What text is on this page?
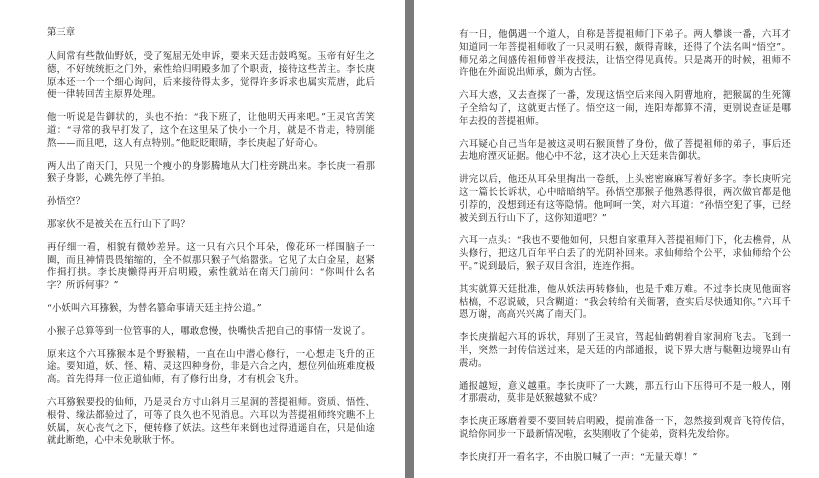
第三章

人间常有些散仙野妖，受了冤屈无处申诉，要来天廷击鼓鸣冤。玉帝有好生之德，不好统统拒之门外，索性给归明殿多加了个职责，接待这些苦主。李长庚原本还一个一个细心询问，后来接待得太多，觉得许多诉求也属实荒唐，此后便一律转回苦主原界处理。

他一听说是告御状的，头也不抬：“我下班了，让他明天再来吧。”王灵官苦笑道：“寻常的我早打发了，这个在这里呆了快小一个月，就是不肯走，特别能熬——而且吧，这人有点特别。”他眨眨眼睛，李长庚起了好奇心。

两人出了南天门，只见一个瘦小的身影腾地从大门柱旁跳出来。李长庚一看那猴子身影，心跳先停了半拍。

孙悟空？

那家伙不是被关在五行山下了吗？

再仔细一看，相貌有微妙差异。这一只有六只个耳朵，像花环一样围脑子一圈，而且神情畏畏缩缩的，全不似那只猴子气焰嚣张。它见了太白金星，赵紧作揖打拱。李长庚懒得再开启明殿，索性就站在南天门前问：“你叫什么名字？所诉何事？”

“小妖叫六耳猕猴，为替名篡命事请天廷主持公道。”

小猴子总算等到一位管事的人，哪敢怠慢，快嘴快舌把自己的事情一发说了。

原来这个六耳猕猴本是个野猴精，一直在山中潜心修行，一心想走飞升的正途。要知道，妖、怪、精、灵这四种身份，非是六合之内，想位列仙班难度极高。首先得拜一位正道仙师，有了修行出身，才有机会飞升。

六耳猕猴要投的仙师，乃是灵台方寸山斜月三星洞的菩提祖师。资质、悟性、根骨、缘法都验过了，可等了良久也不见消息。六耳以为菩提祖师终究瞧不上妖属，灰心丧气之下，便转修了妖法。这些年来倒也过得逍遥自在，只是仙途就此断绝，心中未免耿耿于怀。

有一日，他偶遇一个道人，自称是菩提祖师门下弟子。两人攀谈一番，六耳才知道同一年菩提祖师收了一只灵明石猴，颇得青睐，还得了个法名叫“悟空”。师兄弟之间盛传祖师曾半夜授法，让悟空得见真传。只是离开的时候，祖师不许他在外面说出师承，颇为古怪。

六耳大惑，又去查探了一番，发现这悟空后来闯入阴曹地府，把猴属的生死簿子全给勾了，这就更古怪了。悟空这一闹，连阳寿都算不清，更别说查证是哪年去投的菩提祖师。

六耳疑心自己当年是被这灵明石猴顶替了身份，做了菩提祖师的弟子，事后还去地府湮灭证据。他心中不忿，这才决心上天廷来告御状。

讲完以后，他还从耳朵里掏出一卷纸，上头密密麻麻写着好多字。李长庚听完这一篇长长诉状，心中暗暗纳罕。孙悟空那猴子他熟悉得很，两次做官都是他引荐的，没想到还有这等隐情。他呵呵一笑，对六耳道：“孙悟空犯了事，已经被关到五行山下了，这你知道吧？”

六耳一点头：“我也不要他如何，只想自家重拜入菩提祖师门下，化去樵骨，从头修行，把这几百年平白丢了的光阴补回来。求仙师给个公平，求仙师给个公平。”说到最后，猴子双目含泪，连连作揖。

其实就算天廷批准，他从妖法再转修仙，也是千难万难。不过李长庚见他面容枯槁，不忍说破，只含糊道：“我会转给有关衙署，查实后尽快通知你。”六耳千恩万谢，高高兴兴离了南天门。

李长庚揣起六耳的诉状，拜别了王灵官，驾起仙鹤朝着自家洞府飞去。飞到一半，突然一封传信送过来，是天廷的内部通报，说下界大唐与鞑靼边境界山有震动。

通报越短，意义越重。李长庚吓了一大跳，那五行山下压得可不是一般人，刚才那震动，莫非是妖猴越狱不成？

李长庚正琢磨着要不要回转启明殿，提前准备一下，忽然接到观音飞符传信，说给你同步一下最新情况啦，玄奘刚收了个徒弟，资料先发给你。

李长庚打开一看名字，不由脱口喊了一声：“无量天尊！”
